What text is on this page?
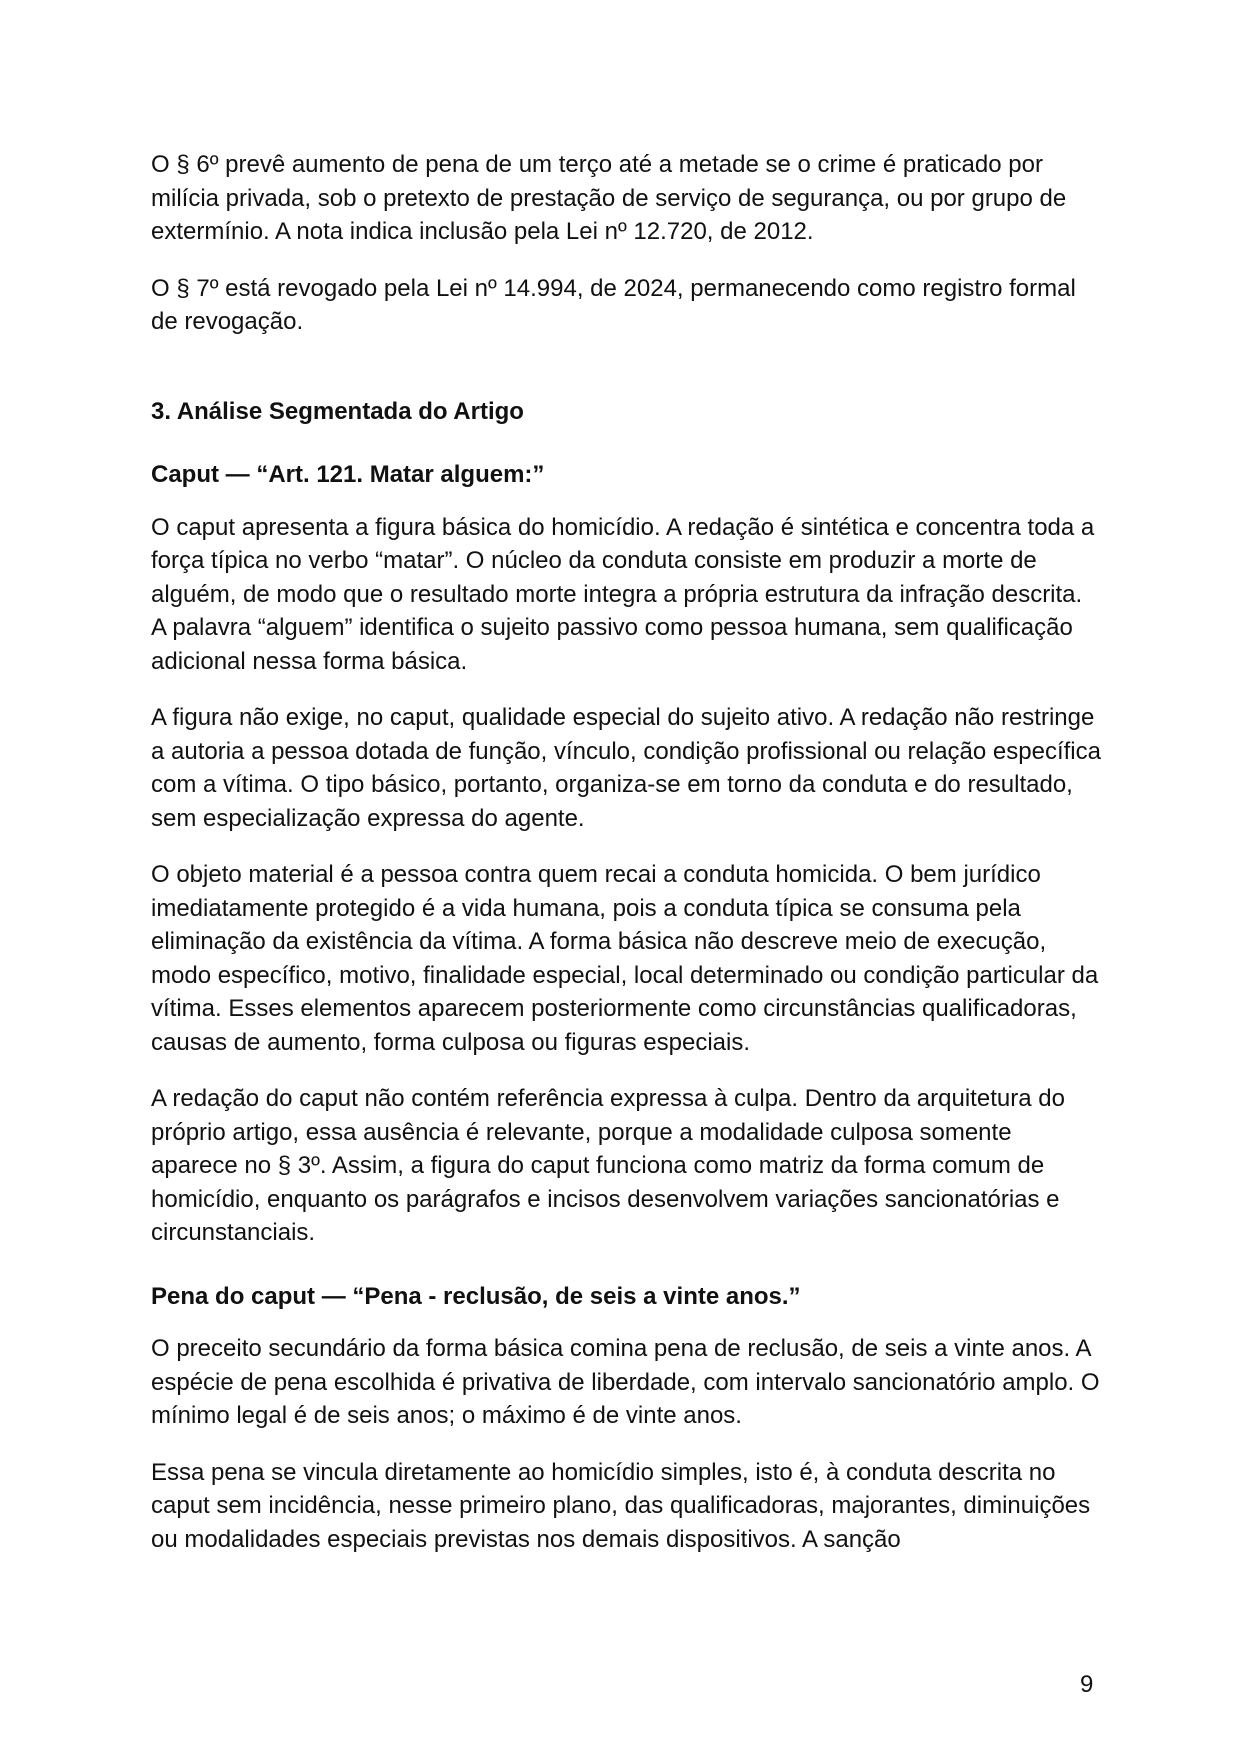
O § 6º prevê aumento de pena de um terço até a metade se o crime é praticado por milícia privada, sob o pretexto de prestação de serviço de segurança, ou por grupo de extermínio. A nota indica inclusão pela Lei nº 12.720, de 2012.

O § 7º está revogado pela Lei nº 14.994, de 2024, permanecendo como registro formal de revogação.

3. Análise Segmentada do Artigo

Caput — “Art. 121. Matar alguem:”

O caput apresenta a figura básica do homicídio. A redação é sintética e concentra toda a força típica no verbo “matar”. O núcleo da conduta consiste em produzir a morte de alguém, de modo que o resultado morte integra a própria estrutura da infração descrita. A palavra “alguem” identifica o sujeito passivo como pessoa humana, sem qualificação adicional nessa forma básica.

A figura não exige, no caput, qualidade especial do sujeito ativo. A redação não restringe a autoria a pessoa dotada de função, vínculo, condição profissional ou relação específica com a vítima. O tipo básico, portanto, organiza-se em torno da conduta e do resultado, sem especialização expressa do agente.

O objeto material é a pessoa contra quem recai a conduta homicida. O bem jurídico imediatamente protegido é a vida humana, pois a conduta típica se consuma pela eliminação da existência da vítima. A forma básica não descreve meio de execução, modo específico, motivo, finalidade especial, local determinado ou condição particular da vítima. Esses elementos aparecem posteriormente como circunstâncias qualificadoras, causas de aumento, forma culposa ou figuras especiais.

A redação do caput não contém referência expressa à culpa. Dentro da arquitetura do próprio artigo, essa ausência é relevante, porque a modalidade culposa somente aparece no § 3º. Assim, a figura do caput funciona como matriz da forma comum de homicídio, enquanto os parágrafos e incisos desenvolvem variações sancionatórias e circunstanciais.

Pena do caput — “Pena - reclusão, de seis a vinte anos.”

O preceito secundário da forma básica comina pena de reclusão, de seis a vinte anos. A espécie de pena escolhida é privativa de liberdade, com intervalo sancionatório amplo. O mínimo legal é de seis anos; o máximo é de vinte anos.

Essa pena se vincula diretamente ao homicídio simples, isto é, à conduta descrita no caput sem incidência, nesse primeiro plano, das qualificadoras, majorantes, diminuições ou modalidades especiais previstas nos demais dispositivos. A sanção

9
